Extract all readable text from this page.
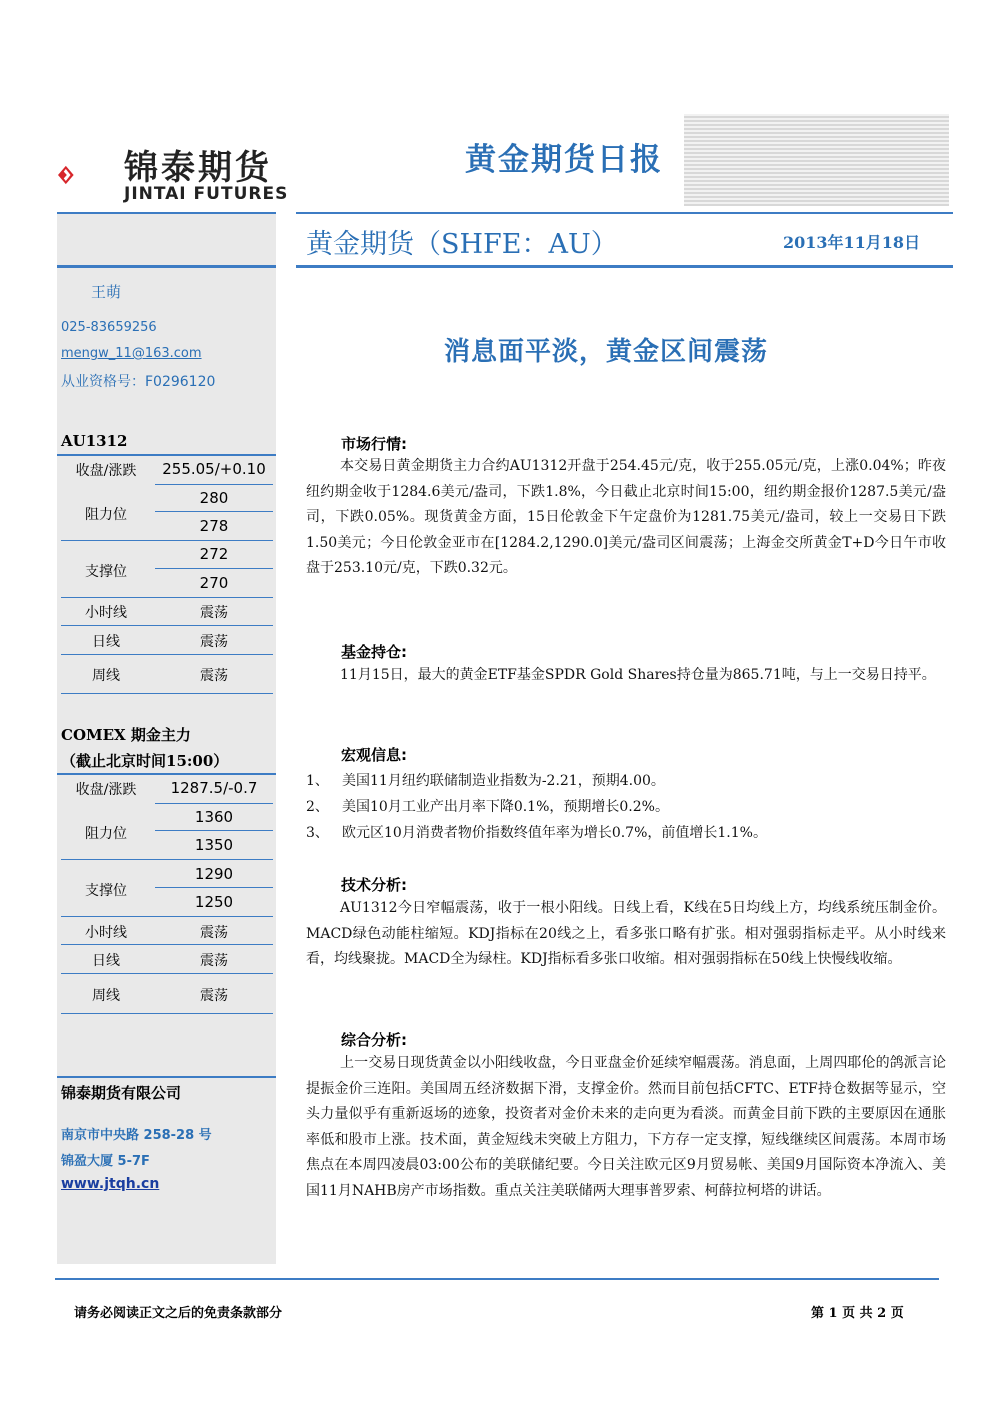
锦泰期货
JINTAI FUTURES
黄金期货日报
王萌
025-83659256
mengw_11@163.com
从业资格号：F0296120
AU1312
收盘/涨跌	255.05/+0.10
阻力位
280
278
支撑位
272
270
小时线	震荡
日线	震荡
周线	震荡
COMEX 期金主力
（截止北京时间15:00）
收盘/涨跌	1287.5/-0.7
阻力位
1360
1350
支撑位
1290
1250
小时线	震荡
日线	震荡
周线	震荡
锦泰期货有限公司
南京市中央路 258-28 号
锦盈大厦 5-7F
www.jtqh.cn
黄金期货（SHFE：AU）	2013年11月18日
消息面平淡，黄金区间震荡
市场行情:
本交易日黄金期货主力合约AU1312开盘于254.45元/克，收于255.05元/克，上涨0.04%；昨夜纽约期金收于1284.6美元/盎司，下跌1.8%，今日截止北京时间15:00，纽约期金报价1287.5美元/盎司，下跌0.05%。现货黄金方面，15日伦敦金下午定盘价为1281.75美元/盎司，较上一交易日下跌1.50美元；今日伦敦金亚市在[1284.2,1290.0]美元/盎司区间震荡；上海金交所黄金T+D今日午市收盘于253.10元/克，下跌0.32元。
基金持仓:
11月15日，最大的黄金ETF基金SPDR Gold Shares持仓量为865.71吨，与上一交易日持平。
宏观信息:
1、 美国11月纽约联储制造业指数为-2.21，预期4.00。
2、 美国10月工业产出月率下降0.1%，预期增长0.2%。
3、 欧元区10月消费者物价指数终值年率为增长0.7%，前值增长1.1%。
技术分析:
AU1312今日窄幅震荡，收于一根小阳线。日线上看，K线在5日均线上方，均线系统压制金价。MACD绿色动能柱缩短。KDJ指标在20线之上，看多张口略有扩张。相对强弱指标走平。从小时线来看，均线聚拢。MACD全为绿柱。KDJ指标看多张口收缩。相对强弱指标在50线上快慢线收缩。
综合分析:
上一交易日现货黄金以小阳线收盘，今日亚盘金价延续窄幅震荡。消息面，上周四耶伦的鸽派言论提振金价三连阳。美国周五经济数据下滑，支撑金价。然而目前包括CFTC、ETF持仓数据等显示，空头力量似乎有重新返场的迹象，投资者对金价未来的走向更为看淡。而黄金目前下跌的主要原因在通胀率低和股市上涨。技术面，黄金短线未突破上方阻力，下方存一定支撑，短线继续区间震荡。本周市场焦点在本周四凌晨03:00公布的美联储纪要。今日关注欧元区9月贸易帐、美国9月国际资本净流入、美国11月NAHB房产市场指数。重点关注美联储两大理事普罗索、柯薛拉柯塔的讲话。
请务必阅读正文之后的免责条款部分	第 1 页 共 2 页
